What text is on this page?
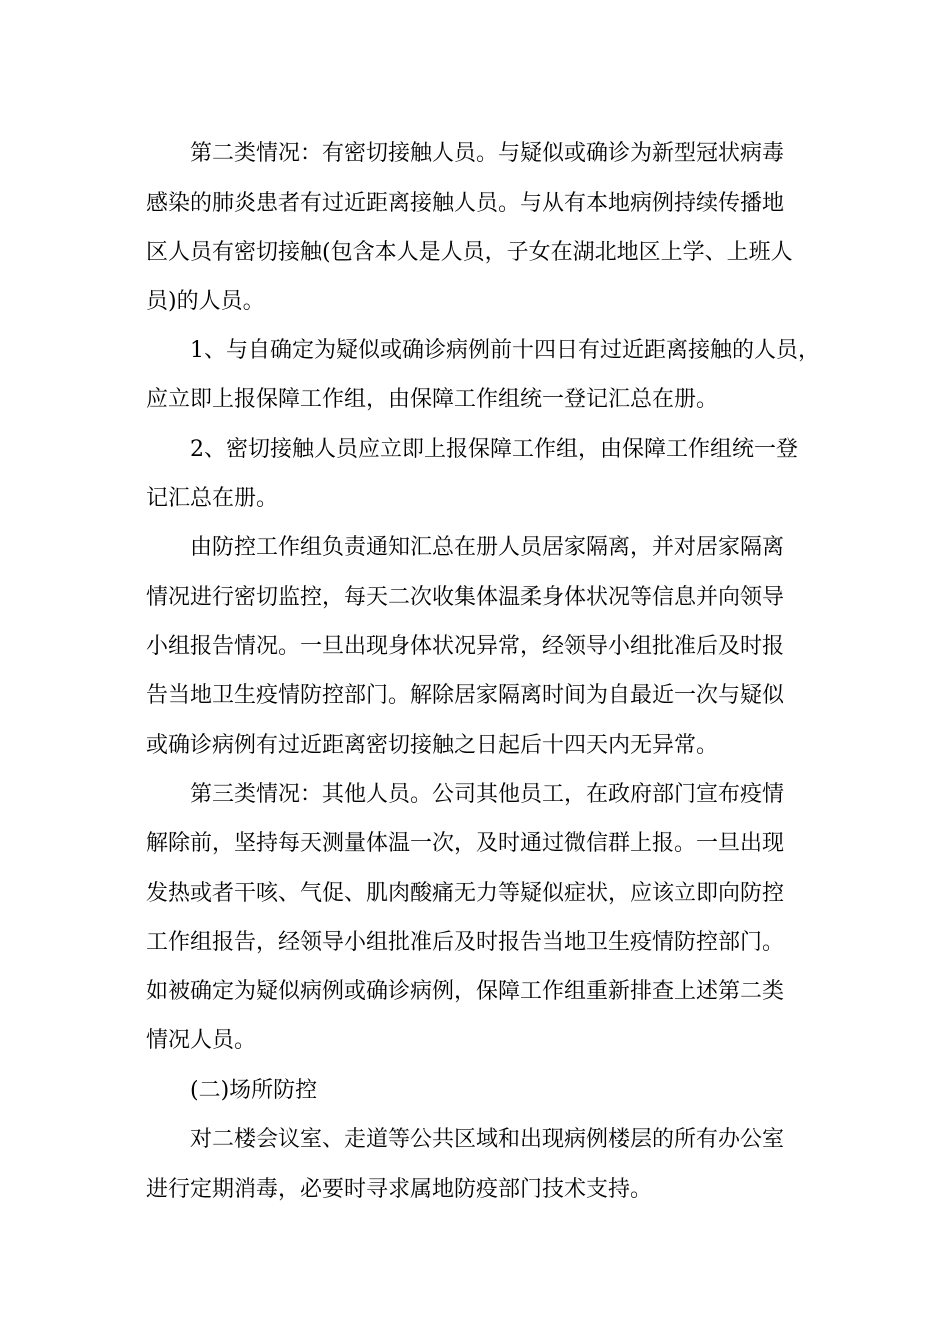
第二类情况：有密切接触人员。与疑似或确诊为新型冠状病毒
感染的肺炎患者有过近距离接触人员。与从有本地病例持续传播地
区人员有密切接触(包含本人是人员，子女在湖北地区上学、上班人
员)的人员。
1、与自确定为疑似或确诊病例前十四日有过近距离接触的人员，
应立即上报保障工作组，由保障工作组统一登记汇总在册。
2、密切接触人员应立即上报保障工作组，由保障工作组统一登
记汇总在册。
由防控工作组负责通知汇总在册人员居家隔离，并对居家隔离
情况进行密切监控，每天二次收集体温柔身体状况等信息并向领导
小组报告情况。一旦出现身体状况异常，经领导小组批准后及时报
告当地卫生疫情防控部门。解除居家隔离时间为自最近一次与疑似
或确诊病例有过近距离密切接触之日起后十四天内无异常。
第三类情况：其他人员。公司其他员工，在政府部门宣布疫情
解除前，坚持每天测量体温一次，及时通过微信群上报。一旦出现
发热或者干咳、气促、肌肉酸痛无力等疑似症状，应该立即向防控
工作组报告，经领导小组批准后及时报告当地卫生疫情防控部门。
如被确定为疑似病例或确诊病例，保障工作组重新排查上述第二类
情况人员。
(二)场所防控
对二楼会议室、走道等公共区域和出现病例楼层的所有办公室
进行定期消毒，必要时寻求属地防疫部门技术支持。
